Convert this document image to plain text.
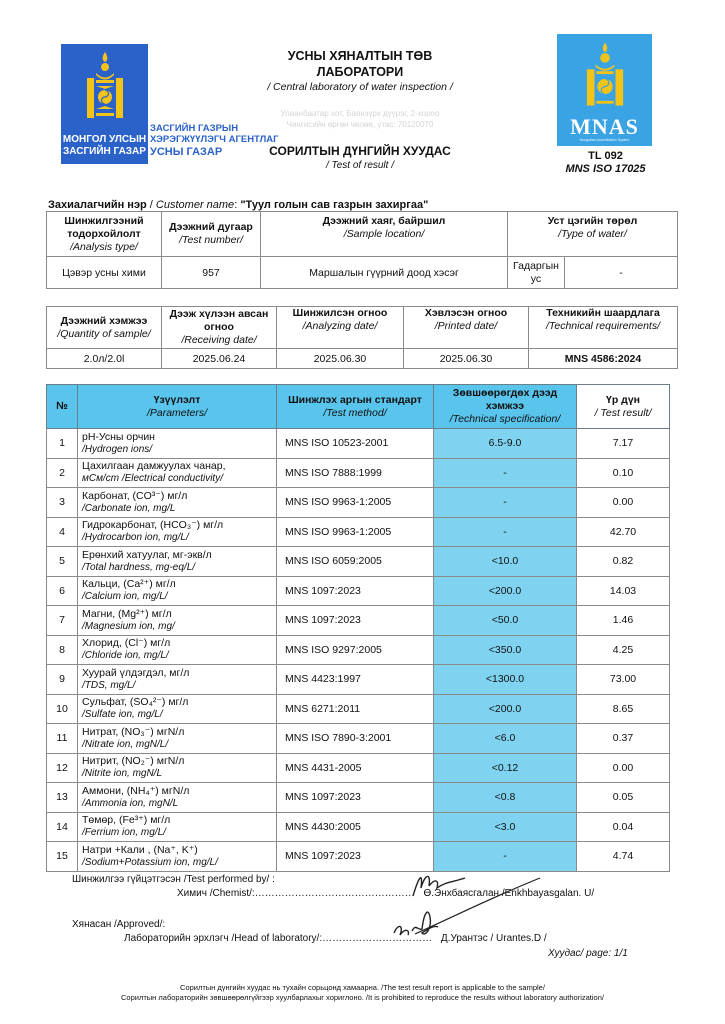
МОНГОЛ УЛСЫН
ЗАСГИЙН ГАЗАР
ЗАСГИЙН ГАЗРЫН
ХЭРЭГЖҮҮЛЭГЧ АГЕНТЛАГ
УСНЫ ГАЗАР
УСНЫ ХЯНАЛТЫН ТӨВ
ЛАБОРАТОРИ
/ Central laboratory of water inspection /
Улаанбаатар хот, Баянзүрх дүүрэг, 2-хороо
Чингисийн өргөн чөлөө, утас: 70120070
СОРИЛТЫН ДҮНГИЙН ХУУДАС
/ Test of result /
MNAS
Mongolian Accreditation System
TL 092
MNS ISO 17025
Захиалагчийн нэр / Customer name: "Туул голын сав газрын захиргаа"
Шинжилгээний тодорхойлолт
/Analysis type/	Дээжний дугаар
/Test number/	Дээжний хаяг, байршил
/Sample location/	Уст цэгийн төрөл
/Type of water/	
Цэвэр усны хими	957	Маршалын гүүрний доод хэсэг	Гадаргын ус	-
Дээжний хэмжээ
/Quantity of sample/	Дээж хүлээн авсан огноо
/Receiving date/	Шинжилсэн огноо
/Analyzing date/	Хэвлэсэн огноо
/Printed date/	Техникийн шаардлага
/Technical requirements/
2.0л/2.0l	2025.06.24	2025.06.30	2025.06.30	MNS 4586:2024
№	Үзүүлэлт
/Parameters/	Шинжлэх аргын стандарт
/Test method/	Зөвшөөрөгдөх дээд хэмжээ
/Technical specification/	Үр дүн
/ Test result/
1	pH-Усны орчин
/Hydrogen ions/	MNS ISO 10523-2001	6.5-9.0	7.17
2	Цахилгаан дамжуулах чанар,
мСм/cm /Electrical conductivity/	MNS ISO 7888:1999	-	0.10
3	Карбонат, (CO³⁻) мг/л
/Carbonate ion, mg/L	MNS ISO 9963-1:2005	-	0.00
4	Гидрокарбонат, (HCO₃⁻) мг/л
/Hydrocarbon ion, mg/L/	MNS ISO 9963-1:2005	-	42.70
5	Ерөнхий хатуулаг, мг-экв/л
/Total hardness, mg-eq/L/	MNS ISO 6059:2005	<10.0	0.82
6	Кальци, (Ca²⁺) мг/л
/Calcium ion, mg/L/	MNS 1097:2023	<200.0	14.03
7	Магни, (Mg²⁺) мг/л
/Magnesium ion, mg/	MNS 1097:2023	<50.0	1.46
8	Хлорид, (Cl⁻) мг/л
/Chloride ion, mg/L/	MNS ISO 9297:2005	<350.0	4.25
9	Хуурай үлдэгдэл, мг/л
/TDS, mg/L/	MNS 4423:1997	<1300.0	73.00
10	Сульфат, (SO₄²⁻) мг/л
/Sulfate ion, mg/L/	MNS 6271:2011	<200.0	8.65
11	Нитрат, (NO₃⁻) мгN/л
/Nitrate ion, mgN/L/	MNS ISO 7890-3:2001	<6.0	0.37
12	Нитрит, (NO₂⁻) мгN/л
/Nitrite ion, mgN/L	MNS 4431-2005	<0.12	0.00
13	Аммони, (NH₄⁺) мгN/л
/Ammonia ion, mgN/L	MNS 1097:2023	<0.8	0.05
14	Төмөр, (Fe³⁺) мг/л
/Ferrium ion, mg/L/	MNS 4430:2005	<3.0	0.04
15	Натри +Кали , (Na⁺, K⁺)
/Sodium+Potassium ion, mg/L/	MNS 1097:2023	-	4.74
Шинжилгээ гүйцэтгэсэн /Test performed by/ :
Химич /Chemist/:………………………………………… Ө.Энхбаясгалан /Enkhbayasgalan. U/
Хянасан /Approved/:
Лабораторийн эрхлэгч /Head of laboratory/:…………………………… Д.Урантэс / Urantes.D /
Хуудас/ page: 1/1
Сорилтын дүнгийн хуудас нь тухайн сорьцонд хамаарна. /The test result report is applicable to the sample/
Сорилтын лабораторийн зөвшөөрөлгүйгээр хуулбарлахыг хориглоно. /It is prohibited to reproduce the results without laboratory authorization/
